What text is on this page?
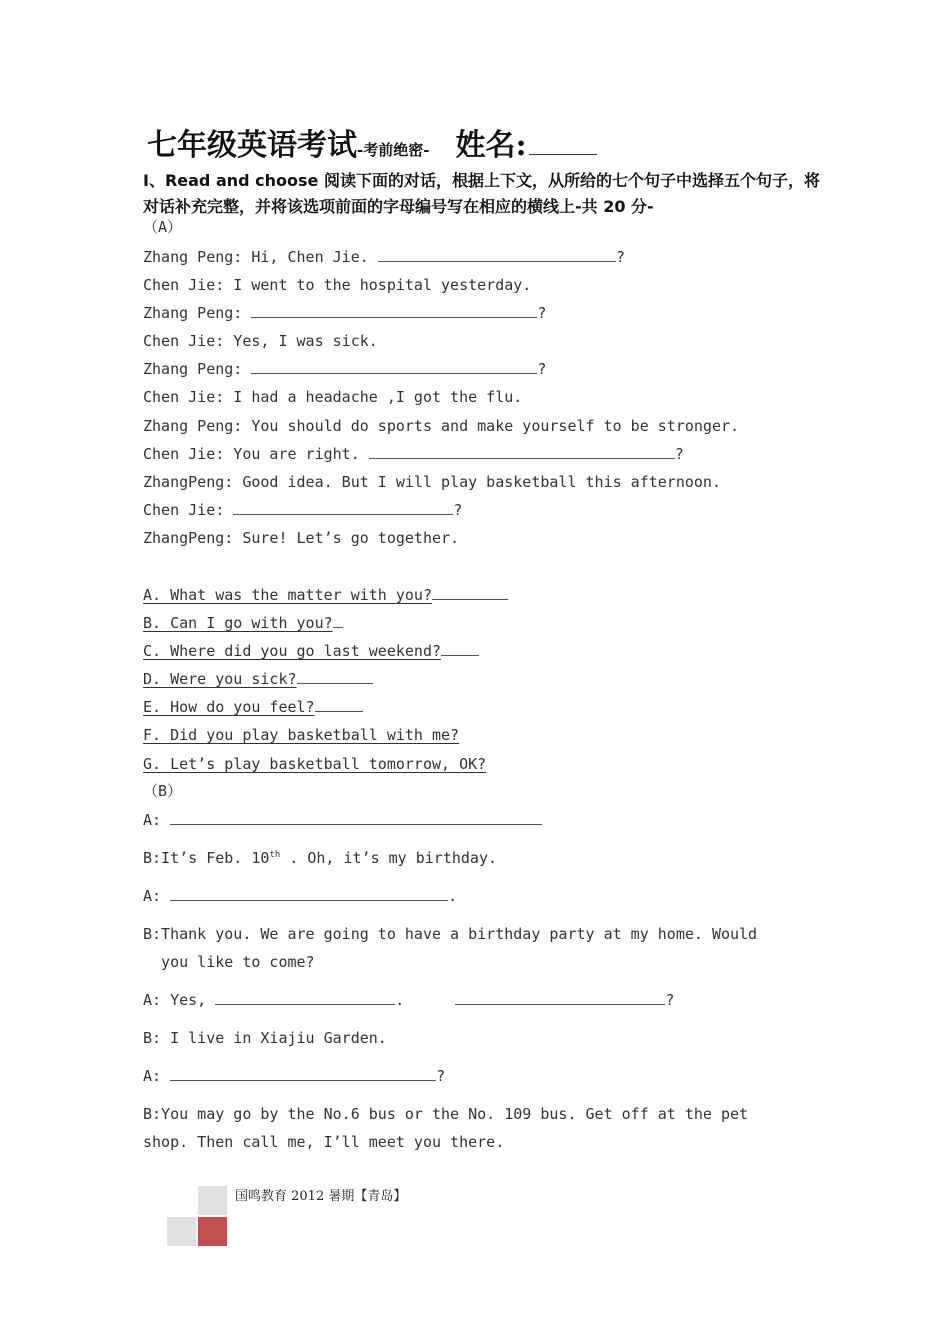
七年级英语考试-考前绝密- 姓名:
Ⅰ、Read and choose 阅读下面的对话，根据上下文，从所给的七个句子中选择五个句子，将对话补充完整，并将该选项前面的字母编号写在相应的横线上-共 20 分-
（A）
Zhang Peng: Hi, Chen Jie.	?
Chen Jie: I went to the hospital yesterday.
Zhang Peng:	?
Chen Jie: Yes, I was sick.
Zhang Peng:	?
Chen Jie: I had a headache ,I got the flu.
Zhang Peng: You should do sports and make yourself to be stronger.
Chen Jie: You are right.	?
ZhangPeng: Good idea. But I will play basketball this afternoon.
Chen Jie:	?
ZhangPeng: Sure! Let’s go together.
A. What was the matter with you?
B. Can I go with you?
C. Where did you go last weekend?
D. Were you sick?
E. How do you feel?
F. Did you play basketball with me?
G. Let’s play basketball tomorrow, OK?
（B）
A:
B:It’s Feb. 10th . Oh, it’s my birthday.
A:	.
B:Thank you. We are going to have a birthday party at my home. Would
you like to come?
A: Yes,	.	?
B: I live in Xiajiu Garden.
A:	?
B:You may go by the No.6 bus or the No. 109 bus. Get off at the pet
shop. Then call me, I’ll meet you there.
国鸣教育 2012 暑期【青岛】
